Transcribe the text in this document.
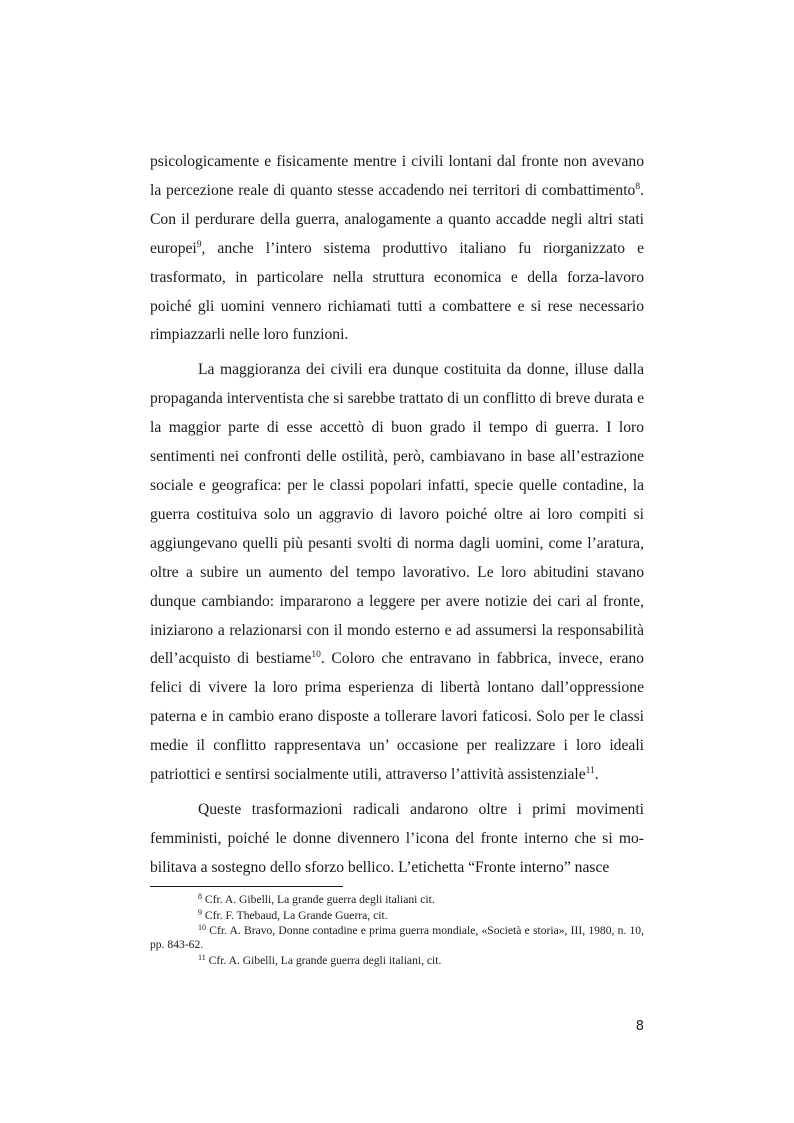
psicologicamente e fisicamente mentre i civili lontani dal fronte non avevano la percezione reale di quanto stesse accadendo nei territori di combattimento$^8$. Con il perdurare della guerra, analogamente a quanto accadde negli altri stati europei$^9$, anche l’intero sistema produttivo italiano fu riorganizzato e trasformato, in particolare nella struttura economica e della forza-lavoro poiché gli uomini vennero richiamati tutti a combattere e si rese necessario rimpiazzarli nelle loro funzioni.

La maggioranza dei civili era dunque costituita da donne, illuse dalla propaganda interventista che si sarebbe trattato di un conflitto di breve durata e la maggior parte di esse accettò di buon grado il tempo di guerra. I loro sentimenti nei confronti delle ostilità, però, cambiavano in base all’estrazione sociale e geografica: per le classi popolari infatti, specie quelle contadine, la guerra costituiva solo un aggravio di lavoro poiché oltre ai loro compiti si aggiungevano quelli più pesanti svolti di norma dagli uomini, come l’aratura, oltre a subire un aumento del tempo lavorativo. Le loro abitudini stavano dunque cambiando: impararono a leggere per avere notizie dei cari al fronte, iniziarono a relazionarsi con il mondo esterno e ad assumersi la responsabilità dell’acquisto di bestiame$^{10}$. Coloro che entravano in fabbrica, invece, erano felici di vivere la loro prima esperienza di libertà lontano dall’oppressione paterna e in cambio erano disposte a tollerare lavori faticosi. Solo per le classi medie il conflitto rappresentava un’ occasione per realizzare i loro ideali patriottici e sentirsi socialmente utili, attraverso l’attività assistenziale$^{11}$.

Queste trasformazioni radicali andarono oltre i primi movimenti femministi, poiché le donne divennero l’icona del fronte interno che si mobilitava a sostegno dello sforzo bellico. L’etichetta “Fronte interno” nasce

$^8$ Cfr. A. Gibelli, La grande guerra degli italiani cit.

$^9$ Cfr. F. Thebaud, La Grande Guerra, cit.

$^{10}$ Cfr. A. Bravo, Donne contadine e prima guerra mondiale, «Società e storia», III, 1980, n. 10, pp. 843-62.

$^{11}$ Cfr. A. Gibelli, La grande guerra degli italiani, cit.

8
